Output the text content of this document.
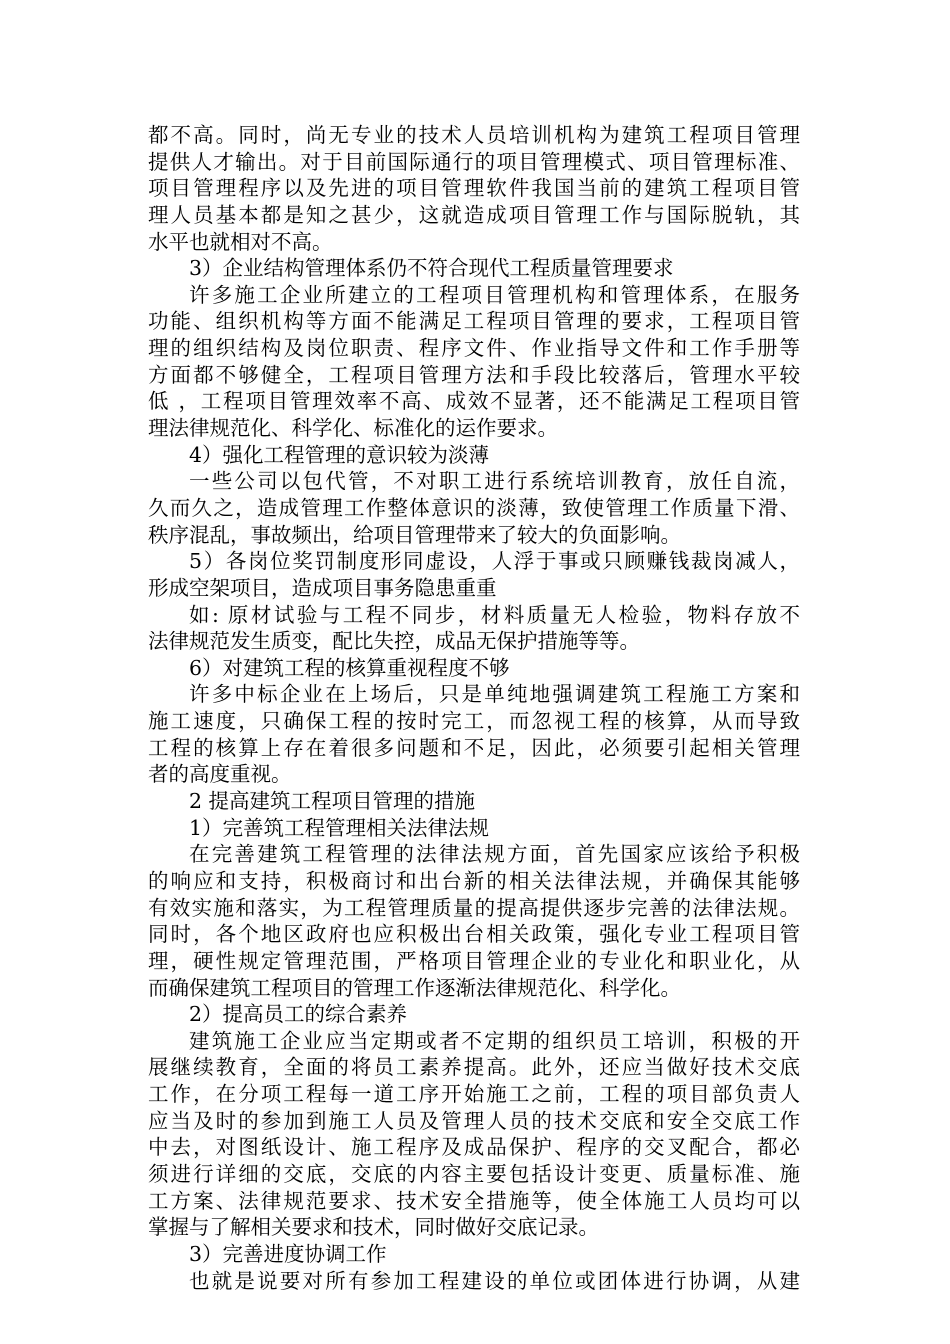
都不高。同时，尚无专业的技术人员培训机构为建筑工程项目管理
提供人才输出。对于目前国际通行的项目管理模式、项目管理标准、
项目管理程序以及先进的项目管理软件我国当前的建筑工程项目管
理人员基本都是知之甚少，这就造成项目管理工作与国际脱轨，其
水平也就相对不高。
3）企业结构管理体系仍不符合现代工程质量管理要求
许多施工企业所建立的工程项目管理机构和管理体系，在服务
功能、组织机构等方面不能满足工程项目管理的要求，工程项目管
理的组织结构及岗位职责、程序文件、作业指导文件和工作手册等
方面都不够健全，工程项目管理方法和手段比较落后，管理水平较
低 ，工程项目管理效率不高、成效不显著，还不能满足工程项目管
理法律规范化、科学化、标准化的运作要求。
4）强化工程管理的意识较为淡薄
一些公司以包代管，不对职工进行系统培训教育，放任自流，
久而久之，造成管理工作整体意识的淡薄，致使管理工作质量下滑、
秩序混乱，事故频出，给项目管理带来了较大的负面影响。
5）各岗位奖罚制度形同虚设，人浮于事或只顾赚钱裁岗减人，
形成空架项目，造成项目事务隐患重重
如: 原材试验与工程不同步，材料质量无人检验，物料存放不
法律规范发生质变，配比失控，成品无保护措施等等。
6）对建筑工程的核算重视程度不够
许多中标企业在上场后，只是单纯地强调建筑工程施工方案和
施工速度，只确保工程的按时完工，而忽视工程的核算，从而导致
工程的核算上存在着很多问题和不足，因此，必须要引起相关管理
者的高度重视。
2 提高建筑工程项目管理的措施
1）完善筑工程管理相关法律法规
在完善建筑工程管理的法律法规方面，首先国家应该给予积极
的响应和支持，积极商讨和出台新的相关法律法规，并确保其能够
有效实施和落实，为工程管理质量的提高提供逐步完善的法律法规。
同时，各个地区政府也应积极出台相关政策，强化专业工程项目管
理，硬性规定管理范围，严格项目管理企业的专业化和职业化，从
而确保建筑工程项目的管理工作逐渐法律规范化、科学化。
2）提高员工的综合素养
建筑施工企业应当定期或者不定期的组织员工培训，积极的开
展继续教育，全面的将员工素养提高。此外，还应当做好技术交底
工作，在分项工程每一道工序开始施工之前，工程的项目部负责人
应当及时的参加到施工人员及管理人员的技术交底和安全交底工作
中去，对图纸设计、施工程序及成品保护、程序的交叉配合，都必
须进行详细的交底，交底的内容主要包括设计变更、质量标准、施
工方案、法律规范要求、技术安全措施等，使全体施工人员均可以
掌握与了解相关要求和技术，同时做好交底记录。
3）完善进度协调工作
也就是说要对所有参加工程建设的单位或团体进行协调，从建
